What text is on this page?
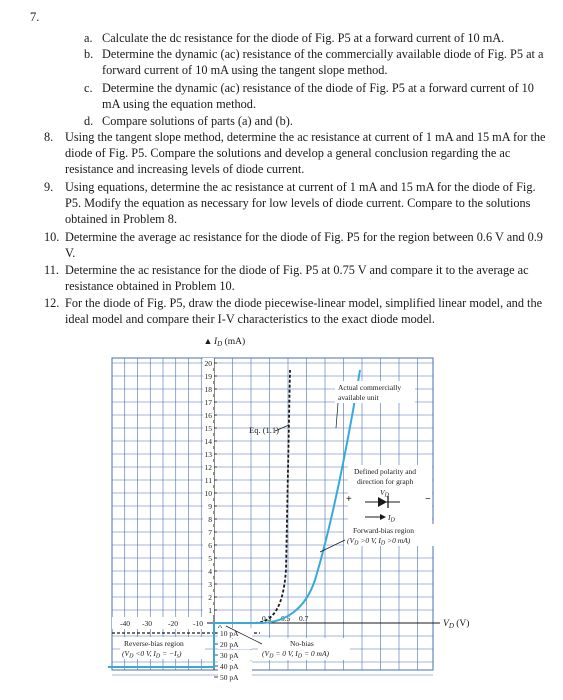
7.
a. Calculate the dc resistance for the diode of Fig. P5 at a forward current of 10 mA.
b. Determine the dynamic (ac) resistance of the commercially available diode of Fig. P5 at a forward current of 10 mA using the tangent slope method.
c. Determine the dynamic (ac) resistance of the diode of Fig. P5 at a forward current of 10 mA using the equation method.
d. Compare solutions of parts (a) and (b).
8. Using the tangent slope method, determine the ac resistance at current of 1 mA and 15 mA for the diode of Fig. P5. Compare the solutions and develop a general conclusion regarding the ac resistance and increasing levels of diode current.
9. Using equations, determine the ac resistance at current of 1 mA and 15 mA for the diode of Fig. P5. Modify the equation as necessary for low levels of diode current. Compare to the solutions obtained in Problem 8.
10. Determine the average ac resistance for the diode of Fig. P5 for the region between 0.6 V and 0.9 V.
11. Determine the ac resistance for the diode of Fig. P5 at 0.75 V and compare it to the average ac resistance obtained in Problem 10.
12. For the diode of Fig. P5, draw the diode piecewise-linear model, simplified linear model, and the ideal model and compare their I-V characteristics to the exact diode model.
▲ $I_D$ (mA)
$V_D$ (V)
20
19
18
17
16
15
14
13
12
11
10
9
8
7
6
5
4
3
2
1
-40 -30 -20 -10
0.3 0.5 0.7
10 pA
20 pA
30 pA
40 pA
50 pA
Eq. (1.1)
Actual commercially
available unit
Defined polarity and
direction for graph
+	−
$V_D$
$I_D$
Forward-bias region
($V_D >0$ V, $I_D >0$ mA)
Reverse-bias region
($V_D <0$ V, $I_D = -I_s$)
No-bias
($V_D = 0$ V, $I_D = 0$ mA)
